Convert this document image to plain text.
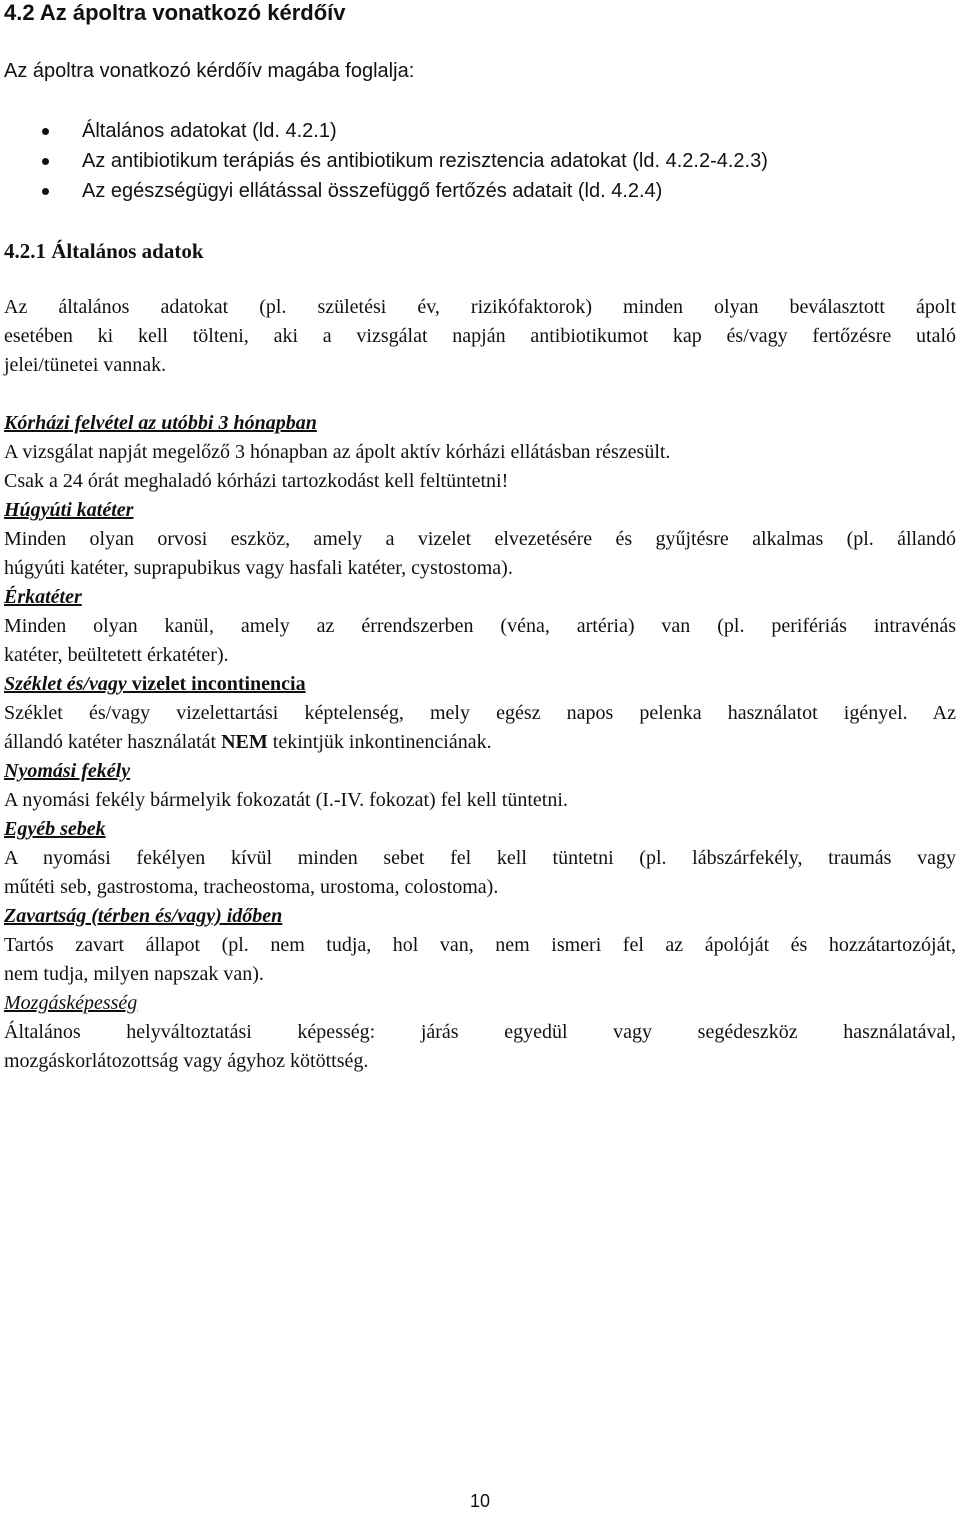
4.2 Az ápoltra vonatkozó kérdőív
Az ápoltra vonatkozó kérdőív magába foglalja:
Általános adatokat (ld. 4.2.1)
Az antibiotikum terápiás és antibiotikum rezisztencia adatokat (ld. 4.2.2-4.2.3)
Az egészségügyi ellátással összefüggő fertőzés adatait (ld. 4.2.4)
4.2.1 Általános adatok
Az általános adatokat (pl. születési év, rizikófaktorok) minden olyan beválasztott ápolt
esetében ki kell tölteni, aki a vizsgálat napján antibiotikumot kap és/vagy fertőzésre utaló
jelei/tünetei vannak.
Kórházi felvétel az utóbbi 3 hónapban
A vizsgálat napját megelőző 3 hónapban az ápolt aktív kórházi ellátásban részesült.
Csak a 24 órát meghaladó kórházi tartozkodást kell feltüntetni!
Húgyúti katéter
Minden olyan orvosi eszköz, amely a vizelet elvezetésére és gyűjtésre alkalmas (pl. állandó
húgyúti katéter, suprapubikus vagy hasfali katéter, cystostoma).
Érkatéter
Minden olyan kanül, amely az érrendszerben (véna, artéria) van (pl. perifériás intravénás
katéter, beültetett érkatéter).
Széklet és/vagy vizelet incontinencia
Széklet és/vagy vizelettartási képtelenség, mely egész napos pelenka használatot igényel. Az
állandó katéter használatát NEM tekintjük inkontinenciának.
Nyomási fekély
A nyomási fekély bármelyik fokozatát (I.-IV. fokozat) fel kell tüntetni.
Egyéb sebek
A nyomási fekélyen kívül minden sebet fel kell tüntetni (pl. lábszárfekély, traumás vagy
műtéti seb, gastrostoma, tracheostoma, urostoma, colostoma).
Zavartság (térben és/vagy) időben
Tartós zavart állapot (pl. nem tudja, hol van, nem ismeri fel az ápolóját és hozzátartozóját,
nem tudja, milyen napszak van).
Mozgásképesség
Általános helyváltoztatási képesség: járás egyedül vagy segédeszköz használatával,
mozgáskorlátozottság vagy ágyhoz kötöttség.
10
